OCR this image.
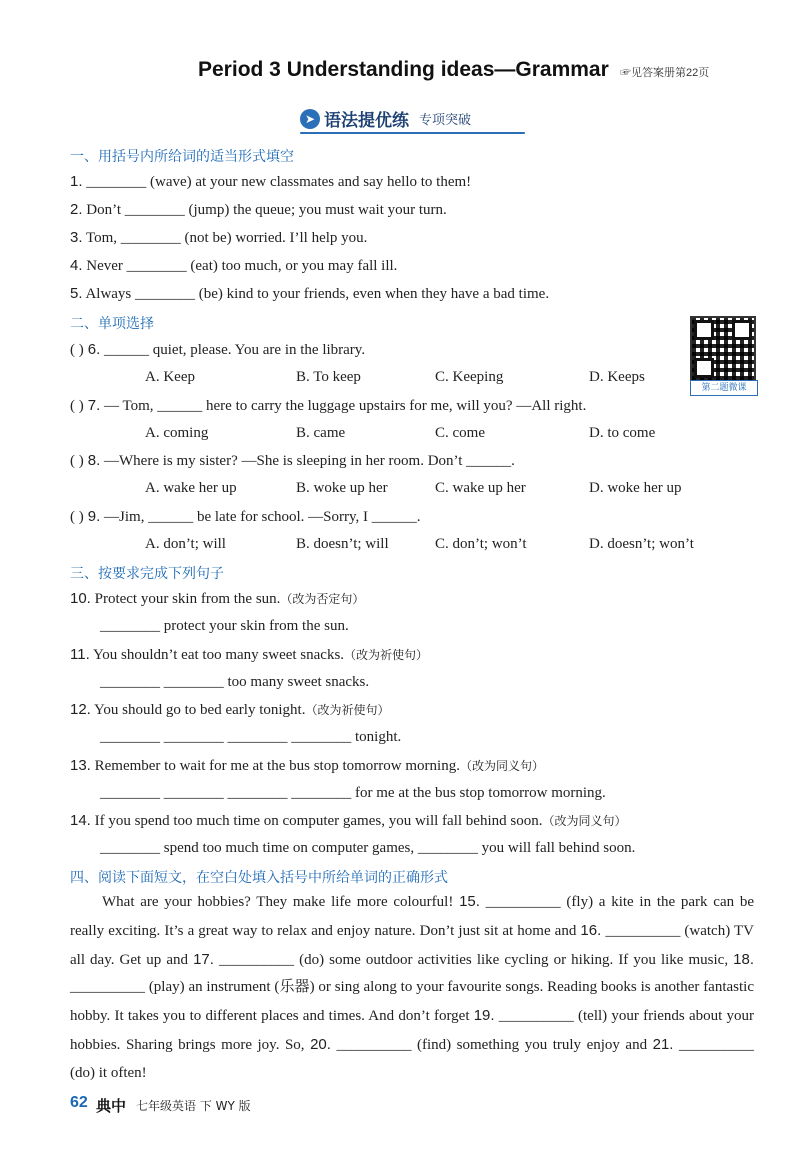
Period 3 Understanding ideas—Grammar ☞见答案册第22页
➤ 语法提优练 专项突破
一、用括号内所给词的适当形式填空
1. ________ (wave) at your new classmates and say hello to them!
2. Don’t ________ (jump) the queue; you must wait your turn.
3. Tom, ________ (not be) worried. I’ll help you.
4. Never ________ (eat) too much, or you may fall ill.
5. Always ________ (be) kind to your friends, even when they have a bad time.
二、单项选择
第二题微课
( ) 6. ______ quiet, please. You are in the library.
A. Keep	B. To keep	C. Keeping	D. Keeps
( ) 7. — Tom, ______ here to carry the luggage upstairs for me, will you? —All right.
A. coming	B. came	C. come	D. to come
( ) 8. —Where is my sister? —She is sleeping in her room. Don’t ______.
A. wake her up	B. woke up her	C. wake up her	D. woke her up
( ) 9. —Jim, ______ be late for school. —Sorry, I ______.
A. don’t; will	B. doesn’t; will	C. don’t; won’t	D. doesn’t; won’t
三、按要求完成下列句子
10. Protect your skin from the sun.（改为否定句）
________ protect your skin from the sun.
11. You shouldn’t eat too many sweet snacks.（改为祈使句）
________ ________ too many sweet snacks.
12. You should go to bed early tonight.（改为祈使句）
________ ________ ________ ________ tonight.
13. Remember to wait for me at the bus stop tomorrow morning.（改为同义句）
________ ________ ________ ________ for me at the bus stop tomorrow morning.
14. If you spend too much time on computer games, you will fall behind soon.（改为同义句）
________ spend too much time on computer games, ________ you will fall behind soon.
四、阅读下面短文，在空白处填入括号中所给单词的正确形式
What are your hobbies? They make life more colourful! 15. __________ (fly) a kite in the park can be really exciting. It’s a great way to relax and enjoy nature. Don’t just sit at home and 16. __________ (watch) TV all day. Get up and 17. __________ (do) some outdoor activities like cycling or hiking. If you like music, 18. __________ (play) an instrument (乐器) or sing along to your favourite songs. Reading books is another fantastic hobby. It takes you to different places and times. And don’t forget 19. __________ (tell) your friends about your hobbies. Sharing brings more joy. So, 20. __________ (find) something you truly enjoy and 21. __________ (do) it often!
62 典中 七年级英语 下 WY 版
